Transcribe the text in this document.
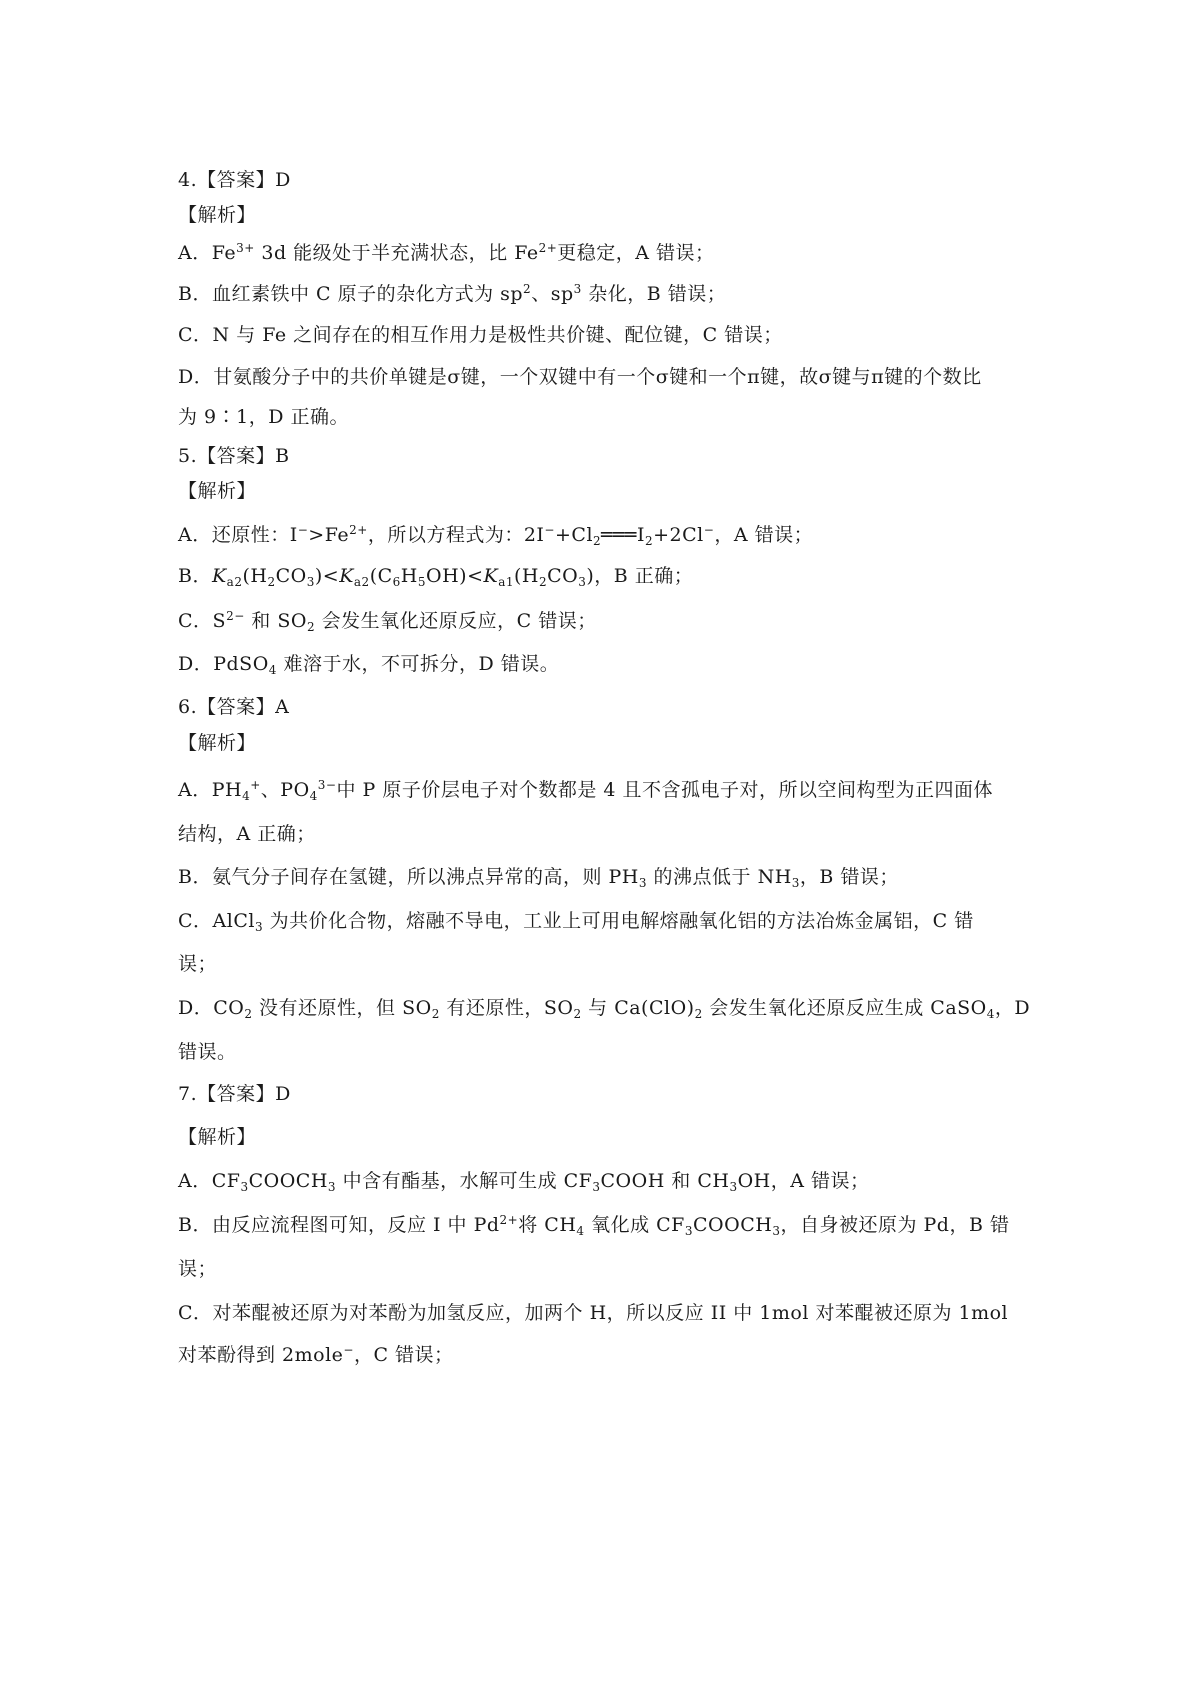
4.【答案】D
【解析】
A．$Fe^{3+}$ 3d 能级处于半充满状态，比 $Fe^{2+}$更稳定，A 错误；
B．血红素铁中 C 原子的杂化方式为 $sp^2$、$sp^3$ 杂化，B 错误；
C．N 与 Fe 之间存在的相互作用力是极性共价键、配位键，C 错误；
D．甘氨酸分子中的共价单键是σ键，一个双键中有一个σ键和一个π键，故σ键与π键的个数比
为 9∶1，D 正确。
5.【答案】B
【解析】
A．还原性：$I^->Fe^{2+}$，所以方程式为：$2I^-+Cl_2═══I_2+2Cl^-$，A 错误；
B．$K_{a2}(H_2CO_3)<K_{a2}(C_6H_5OH)<K_{a1}(H_2CO_3)$，B 正确；
C．$S^{2-}$ 和 $SO_2$ 会发生氧化还原反应，C 错误；
D．PdSO$_4$ 难溶于水，不可拆分，D 错误。
6.【答案】A
【解析】
A．$PH_4^+$、$PO_4^{3-}$中 P 原子价层电子对个数都是 4 且不含孤电子对，所以空间构型为正四面体
结构，A 正确；
B．氨气分子间存在氢键，所以沸点异常的高，则 $PH_3$ 的沸点低于 $NH_3$，B 错误；
C．AlCl$_3$ 为共价化合物，熔融不导电，工业上可用电解熔融氧化铝的方法冶炼金属铝，C 错
误；
D．$CO_2$ 没有还原性，但 $SO_2$ 有还原性，$SO_2$ 与 $Ca(ClO)_2$ 会发生氧化还原反应生成 CaSO$_4$，D
错误。
7.【答案】D
【解析】
A．$CF_3COOCH_3$ 中含有酯基，水解可生成 $CF_3COOH$ 和 $CH_3OH$，A 错误；
B．由反应流程图可知，反应 I 中 $Pd^{2+}$将 $CH_4$ 氧化成 $CF_3COOCH_3$，自身被还原为 Pd，B 错
误；
C．对苯醌被还原为对苯酚为加氢反应，加两个 H，所以反应 II 中 1mol 对苯醌被还原为 1mol
对苯酚得到 2mole−，C 错误；
